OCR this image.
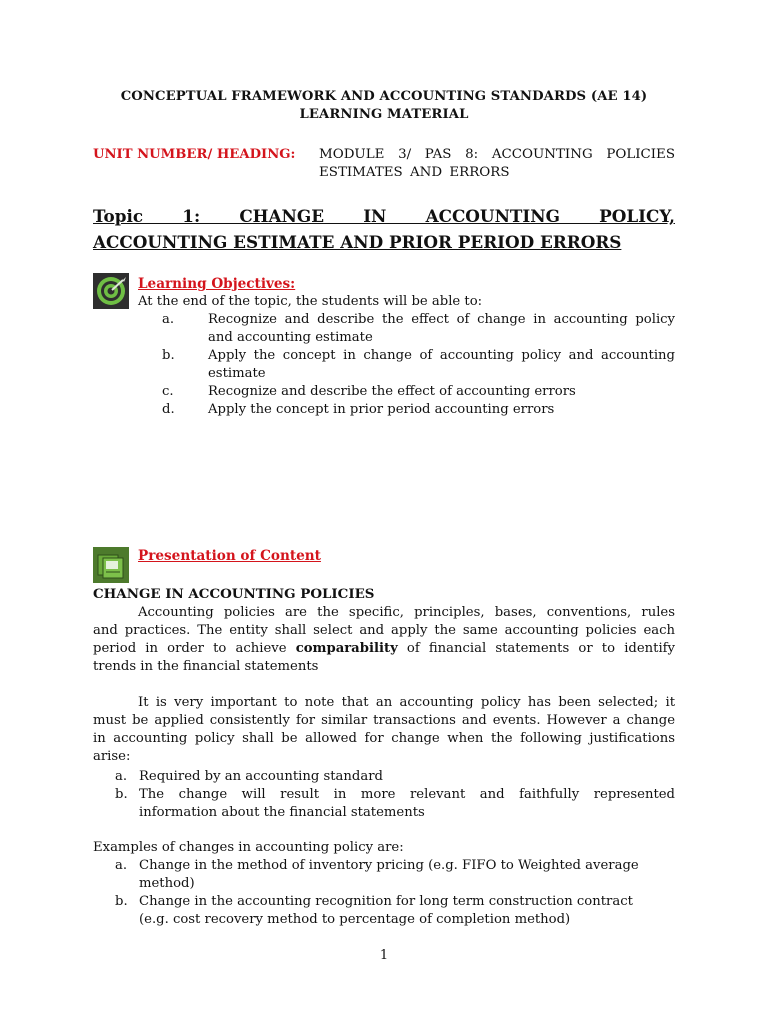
CONCEPTUAL FRAMEWORK AND ACCOUNTING STANDARDS (AE 14)
LEARNING MATERIAL
UNIT NUMBER/ HEADING: MODULE 3/ PAS 8: ACCOUNTING POLICIES
ESTIMATES AND ERRORS
Topic 1: CHANGE IN ACCOUNTING POLICY,
ACCOUNTING ESTIMATE AND PRIOR PERIOD ERRORS
Learning Objectives:
At the end of the topic, the students will be able to:
a.	Recognize and describe the effect of change in accounting policy
and accounting estimate
b.	Apply the concept in change of accounting policy and accounting
estimate
c.	Recognize and describe the effect of accounting errors
d.	Apply the concept in prior period accounting errors
Presentation of Content
CHANGE IN ACCOUNTING POLICIES
Accounting policies are the specific, principles, bases, conventions, rules
and practices. The entity shall select and apply the same accounting policies each
period in order to achieve comparability of financial statements or to identify
trends in the financial statements
It is very important to note that an accounting policy has been selected; it
must be applied consistently for similar transactions and events. However a change
in accounting policy shall be allowed for change when the following justifications
arise:
a. Required by an accounting standard
b. The change will result in more relevant and faithfully represented
information about the financial statements
Examples of changes in accounting policy are:
a. Change in the method of inventory pricing (e.g. FIFO to Weighted average
method)
b. Change in the accounting recognition for long term construction contract
(e.g. cost recovery method to percentage of completion method)
1
